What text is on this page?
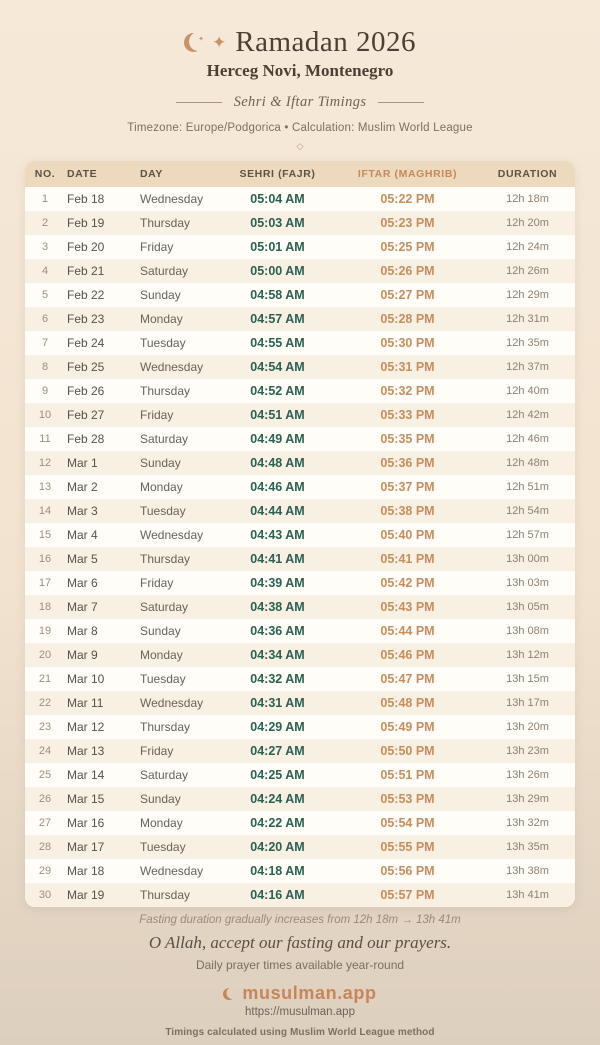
✦
✦ Ramadan 2026
Herceg Novi, Montenegro
Sehri & Iftar Timings
Timezone: Europe/Podgorica • Calculation: Muslim World League
◇
NO.	DATE	DAY	SEHRI (FAJR)	IFTAR (MAGHRIB)	DURATION
1	Feb 18	Wednesday	05:04 AM	05:22 PM	12h 18m
2	Feb 19	Thursday	05:03 AM	05:23 PM	12h 20m
3	Feb 20	Friday	05:01 AM	05:25 PM	12h 24m
4	Feb 21	Saturday	05:00 AM	05:26 PM	12h 26m
5	Feb 22	Sunday	04:58 AM	05:27 PM	12h 29m
6	Feb 23	Monday	04:57 AM	05:28 PM	12h 31m
7	Feb 24	Tuesday	04:55 AM	05:30 PM	12h 35m
8	Feb 25	Wednesday	04:54 AM	05:31 PM	12h 37m
9	Feb 26	Thursday	04:52 AM	05:32 PM	12h 40m
10	Feb 27	Friday	04:51 AM	05:33 PM	12h 42m
11	Feb 28	Saturday	04:49 AM	05:35 PM	12h 46m
12	Mar 1	Sunday	04:48 AM	05:36 PM	12h 48m
13	Mar 2	Monday	04:46 AM	05:37 PM	12h 51m
14	Mar 3	Tuesday	04:44 AM	05:38 PM	12h 54m
15	Mar 4	Wednesday	04:43 AM	05:40 PM	12h 57m
16	Mar 5	Thursday	04:41 AM	05:41 PM	13h 00m
17	Mar 6	Friday	04:39 AM	05:42 PM	13h 03m
18	Mar 7	Saturday	04:38 AM	05:43 PM	13h 05m
19	Mar 8	Sunday	04:36 AM	05:44 PM	13h 08m
20	Mar 9	Monday	04:34 AM	05:46 PM	13h 12m
21	Mar 10	Tuesday	04:32 AM	05:47 PM	13h 15m
22	Mar 11	Wednesday	04:31 AM	05:48 PM	13h 17m
23	Mar 12	Thursday	04:29 AM	05:49 PM	13h 20m
24	Mar 13	Friday	04:27 AM	05:50 PM	13h 23m
25	Mar 14	Saturday	04:25 AM	05:51 PM	13h 26m
26	Mar 15	Sunday	04:24 AM	05:53 PM	13h 29m
27	Mar 16	Monday	04:22 AM	05:54 PM	13h 32m
28	Mar 17	Tuesday	04:20 AM	05:55 PM	13h 35m
29	Mar 18	Wednesday	04:18 AM	05:56 PM	13h 38m
30	Mar 19	Thursday	04:16 AM	05:57 PM	13h 41m
Fasting duration gradually increases from 12h 18m → 13h 41m
O Allah, accept our fasting and our prayers.
Daily prayer times available year-round
musulman.app
https://musulman.app
Timings calculated using Muslim World League method
